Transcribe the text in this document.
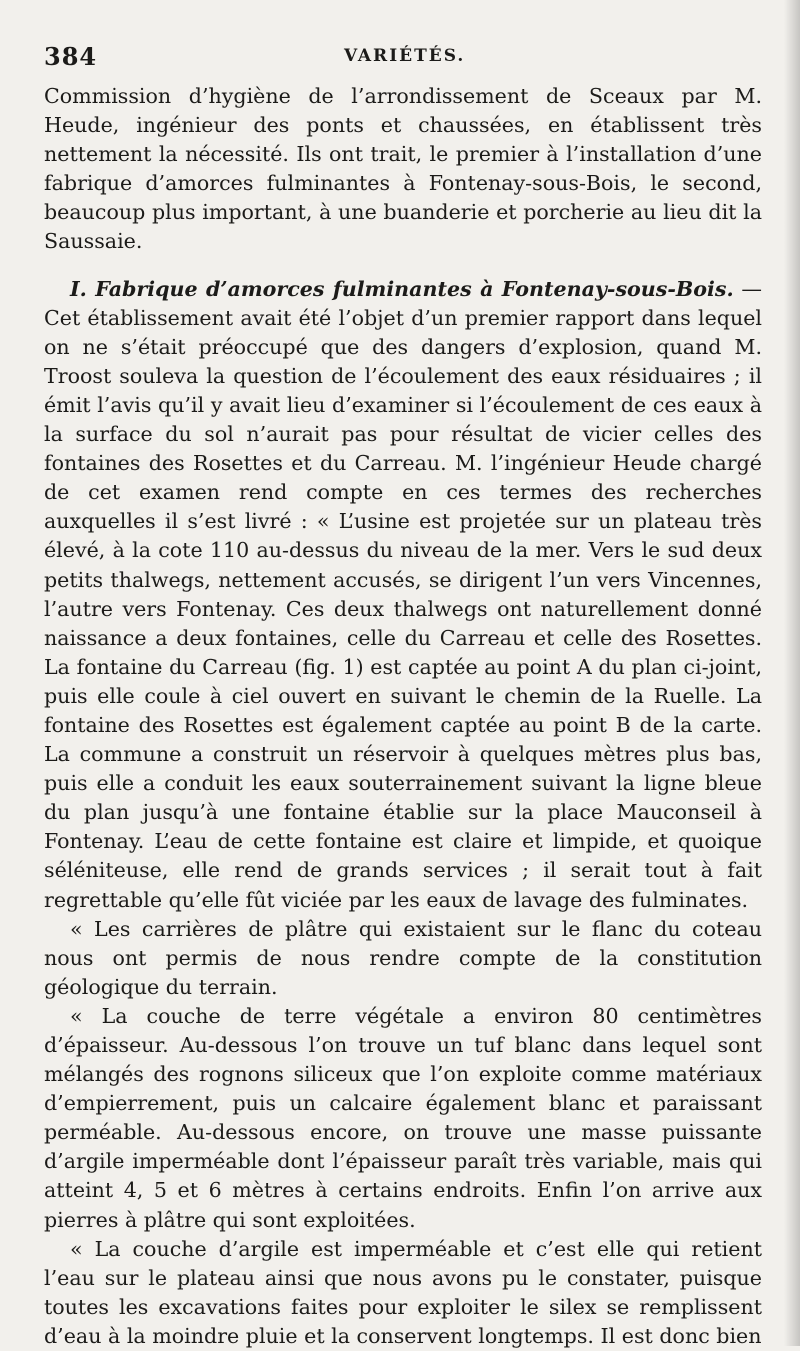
384	VARIÉTÉS.

Commission d’hygiène de l’arrondissement de Sceaux par M. Heude, ingénieur des ponts et chaussées, en établissent très nettement la nécessité. Ils ont trait, le premier à l’installation d’une fabrique d’amorces fulminantes à Fontenay-sous-Bois, le second, beaucoup plus important, à une buanderie et porcherie au lieu dit la Saussaie.

I. Fabrique d’amorces fulminantes à Fontenay-sous-Bois. — Cet établissement avait été l’objet d’un premier rapport dans lequel on ne s’était préoccupé que des dangers d’explosion, quand M. Troost souleva la question de l’écoulement des eaux résiduaires ; il émit l’avis qu’il y avait lieu d’examiner si l’écoulement de ces eaux à la surface du sol n’aurait pas pour résultat de vicier celles des fontaines des Rosettes et du Carreau. M. l’ingénieur Heude chargé de cet examen rend compte en ces termes des recherches auxquelles il s’est livré : « L’usine est projetée sur un plateau très élevé, à la cote 110 au-dessus du niveau de la mer. Vers le sud deux petits thalwegs, nettement accusés, se dirigent l’un vers Vincennes, l’autre vers Fontenay. Ces deux thalwegs ont naturellement donné naissance a deux fontaines, celle du Carreau et celle des Rosettes. La fontaine du Carreau (fig. 1) est captée au point A du plan ci-joint, puis elle coule à ciel ouvert en suivant le chemin de la Ruelle. La fontaine des Rosettes est également captée au point B de la carte. La commune a construit un réservoir à quelques mètres plus bas, puis elle a conduit les eaux souterrainement suivant la ligne bleue du plan jusqu’à une fontaine établie sur la place Mauconseil à Fontenay. L’eau de cette fontaine est claire et limpide, et quoique séléniteuse, elle rend de grands services ; il serait tout à fait regrettable qu’elle fût viciée par les eaux de lavage des fulminates.

« Les carrières de plâtre qui existaient sur le flanc du coteau nous ont permis de nous rendre compte de la constitution géologique du terrain.

« La couche de terre végétale a environ 80 centimètres d’épaisseur. Au-dessous l’on trouve un tuf blanc dans lequel sont mélangés des rognons siliceux que l’on exploite comme matériaux d’empierrement, puis un calcaire également blanc et paraissant perméable. Au-dessous encore, on trouve une masse puissante d’argile imperméable dont l’épaisseur paraît très variable, mais qui atteint 4, 5 et 6 mètres à certains endroits. Enfin l’on arrive aux pierres à plâtre qui sont exploitées.

« La couche d’argile est imperméable et c’est elle qui retient l’eau sur le plateau ainsi que nous avons pu le constater, puisque toutes les excavations faites pour exploiter le silex se remplissent d’eau à la moindre pluie et la conservent longtemps. Il est donc bien
